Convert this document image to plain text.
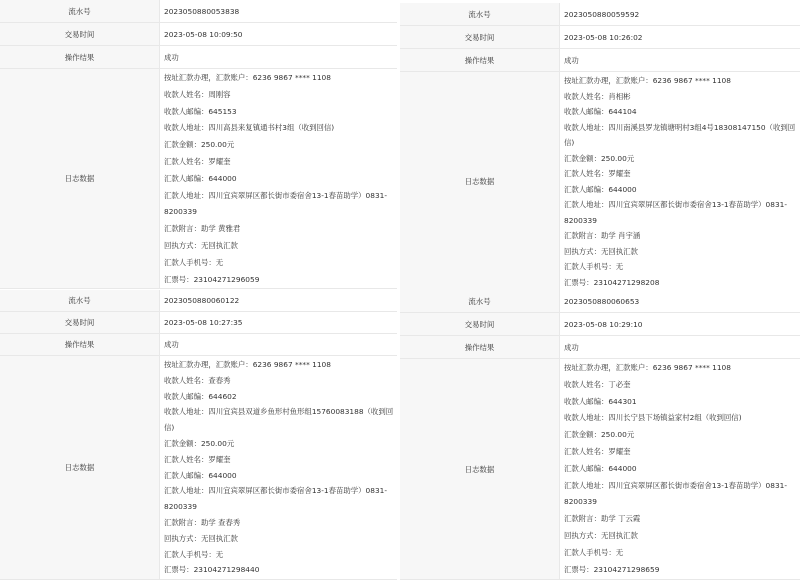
流水号	2023050880053838
交易时间	2023-05-08 10:09:50
操作结果	成功
日志数据
按址汇款办理，汇款账户：6236 9867 **** 1108
收款人姓名：周刚容
收款人邮编：645153
收款人地址：四川高县来复镇通书村3组（收到回信)
汇款金额：250.00元
汇款人姓名：罗耀奎
汇款人邮编：644000
汇款人地址：四川宜宾翠屏区都长街市委宿舍13-1春苗助学）0831-
8200339
汇款附言：助学 黄雅君
回执方式：无回执汇款
汇款人手机号：无
汇票号：23104271296059
流水号	2023050880059592
交易时间	2023-05-08 10:26:02
操作结果	成功
日志数据
按址汇款办理，汇款账户：6236 9867 **** 1108
收款人姓名：肖相彬
收款人邮编：644104
收款人地址：四川南溪县罗龙镇塘明村3组4号18308147150（收到回
信)
汇款金额：250.00元
汇款人姓名：罗耀奎
汇款人邮编：644000
汇款人地址：四川宜宾翠屏区都长街市委宿舍13-1春苗助学）0831-
8200339
汇款附言：助学 肖宇涵
回执方式：无回执汇款
汇款人手机号：无
汇票号：23104271298208
流水号	2023050880060122
交易时间	2023-05-08 10:27:35
操作结果	成功
日志数据
按址汇款办理，汇款账户：6236 9867 **** 1108
收款人姓名：查春秀
收款人邮编：644602
收款人地址：四川宜宾县双道乡鱼形村鱼形组15760083188（收到回
信)
汇款金额：250.00元
汇款人姓名：罗耀奎
汇款人邮编：644000
汇款人地址：四川宜宾翠屏区都长街市委宿舍13-1春苗助学）0831-
8200339
汇款附言：助学 查春秀
回执方式：无回执汇款
汇款人手机号：无
汇票号：23104271298440
流水号	2023050880060653
交易时间	2023-05-08 10:29:10
操作结果	成功
日志数据
按址汇款办理，汇款账户：6236 9867 **** 1108
收款人姓名：丁必奎
收款人邮编：644301
收款人地址：四川长宁县下场镇益家村2组（收到回信)
汇款金额：250.00元
汇款人姓名：罗耀奎
汇款人邮编：644000
汇款人地址：四川宜宾翠屏区都长街市委宿舍13-1春苗助学）0831-
8200339
汇款附言：助学 丁云霞
回执方式：无回执汇款
汇款人手机号：无
汇票号：23104271298659
